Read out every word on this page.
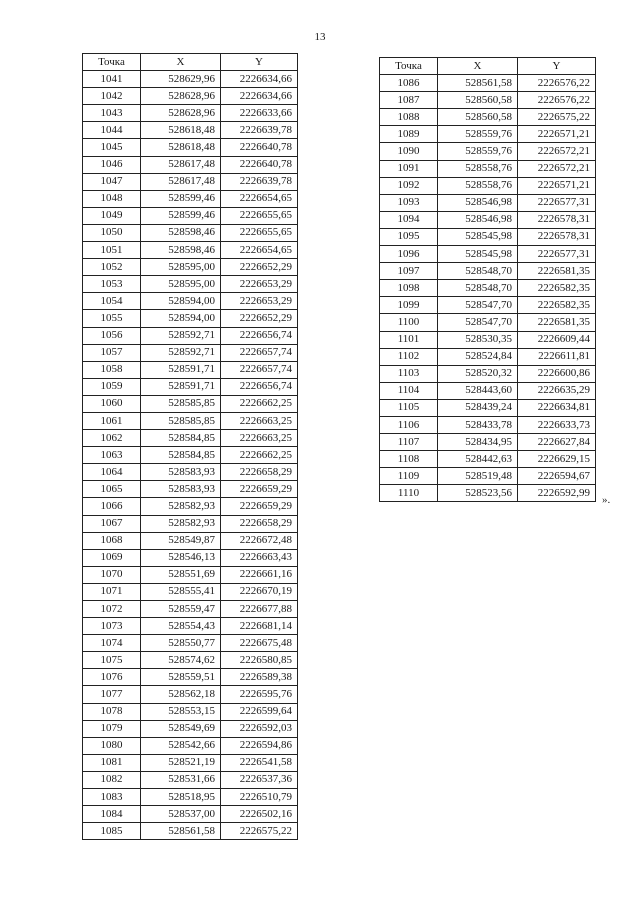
13
Точка	X	Y
1041	528629,96	2226634,66
1042	528628,96	2226634,66
1043	528628,96	2226633,66
1044	528618,48	2226639,78
1045	528618,48	2226640,78
1046	528617,48	2226640,78
1047	528617,48	2226639,78
1048	528599,46	2226654,65
1049	528599,46	2226655,65
1050	528598,46	2226655,65
1051	528598,46	2226654,65
1052	528595,00	2226652,29
1053	528595,00	2226653,29
1054	528594,00	2226653,29
1055	528594,00	2226652,29
1056	528592,71	2226656,74
1057	528592,71	2226657,74
1058	528591,71	2226657,74
1059	528591,71	2226656,74
1060	528585,85	2226662,25
1061	528585,85	2226663,25
1062	528584,85	2226663,25
1063	528584,85	2226662,25
1064	528583,93	2226658,29
1065	528583,93	2226659,29
1066	528582,93	2226659,29
1067	528582,93	2226658,29
1068	528549,87	2226672,48
1069	528546,13	2226663,43
1070	528551,69	2226661,16
1071	528555,41	2226670,19
1072	528559,47	2226677,88
1073	528554,43	2226681,14
1074	528550,77	2226675,48
1075	528574,62	2226580,85
1076	528559,51	2226589,38
1077	528562,18	2226595,76
1078	528553,15	2226599,64
1079	528549,69	2226592,03
1080	528542,66	2226594,86
1081	528521,19	2226541,58
1082	528531,66	2226537,36
1083	528518,95	2226510,79
1084	528537,00	2226502,16
1085	528561,58	2226575,22
Точка	X	Y
1086	528561,58	2226576,22
1087	528560,58	2226576,22
1088	528560,58	2226575,22
1089	528559,76	2226571,21
1090	528559,76	2226572,21
1091	528558,76	2226572,21
1092	528558,76	2226571,21
1093	528546,98	2226577,31
1094	528546,98	2226578,31
1095	528545,98	2226578,31
1096	528545,98	2226577,31
1097	528548,70	2226581,35
1098	528548,70	2226582,35
1099	528547,70	2226582,35
1100	528547,70	2226581,35
1101	528530,35	2226609,44
1102	528524,84	2226611,81
1103	528520,32	2226600,86
1104	528443,60	2226635,29
1105	528439,24	2226634,81
1106	528433,78	2226633,73
1107	528434,95	2226627,84
1108	528442,63	2226629,15
1109	528519,48	2226594,67
1110	528523,56	2226592,99
».
